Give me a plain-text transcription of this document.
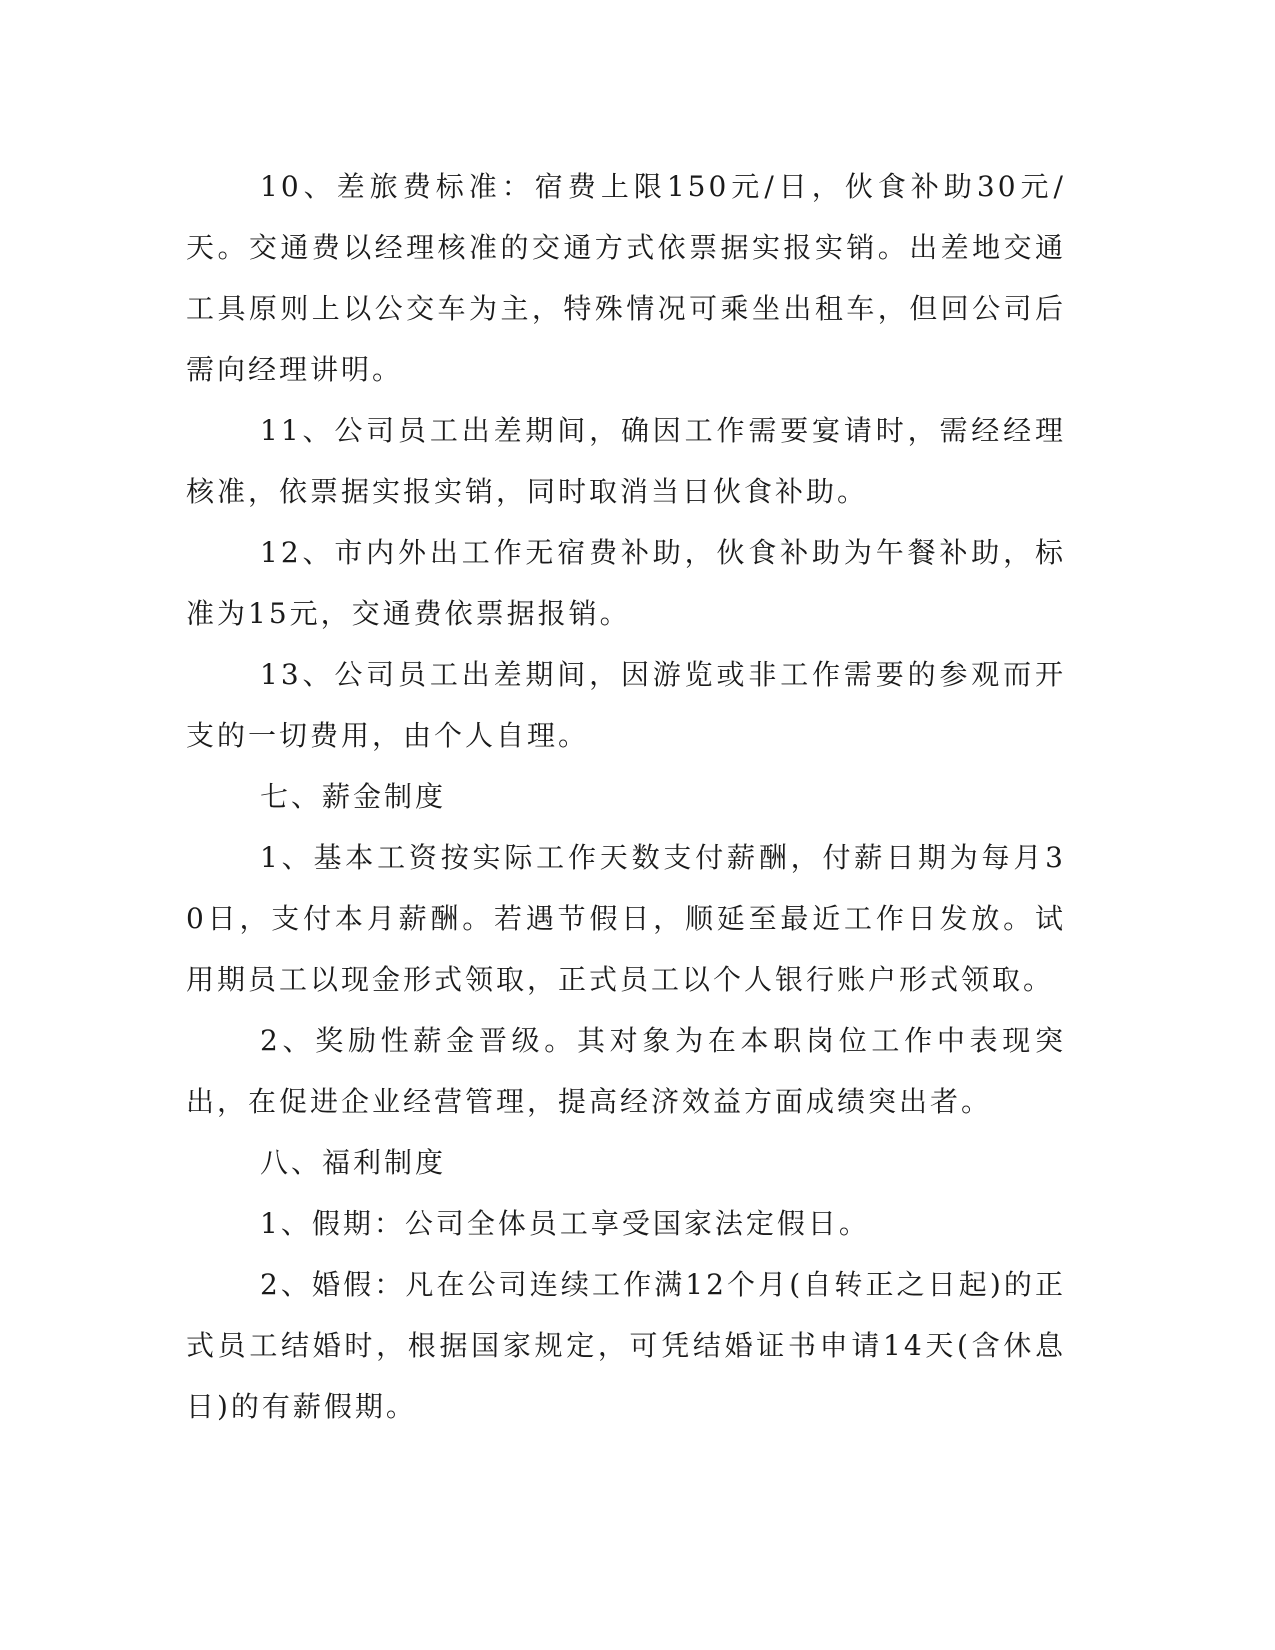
10、差旅费标准：宿费上限150元/日，伙食补助30元/天。交通费以经理核准的交通方式依票据实报实销。出差地交通工具原则上以公交车为主，特殊情况可乘坐出租车，但回公司后需向经理讲明。

11、公司员工出差期间，确因工作需要宴请时，需经经理核准，依票据实报实销，同时取消当日伙食补助。

12、市内外出工作无宿费补助，伙食补助为午餐补助，标准为15元，交通费依票据报销。

13、公司员工出差期间，因游览或非工作需要的参观而开支的一切费用，由个人自理。

七、薪金制度

1、基本工资按实际工作天数支付薪酬，付薪日期为每月30日，支付本月薪酬。若遇节假日，顺延至最近工作日发放。试用期员工以现金形式领取，正式员工以个人银行账户形式领取。

2、奖励性薪金晋级。其对象为在本职岗位工作中表现突出，在促进企业经营管理，提高经济效益方面成绩突出者。

八、福利制度

1、假期：公司全体员工享受国家法定假日。

2、婚假：凡在公司连续工作满12个月(自转正之日起)的正式员工结婚时，根据国家规定，可凭结婚证书申请14天(含休息日)的有薪假期。
